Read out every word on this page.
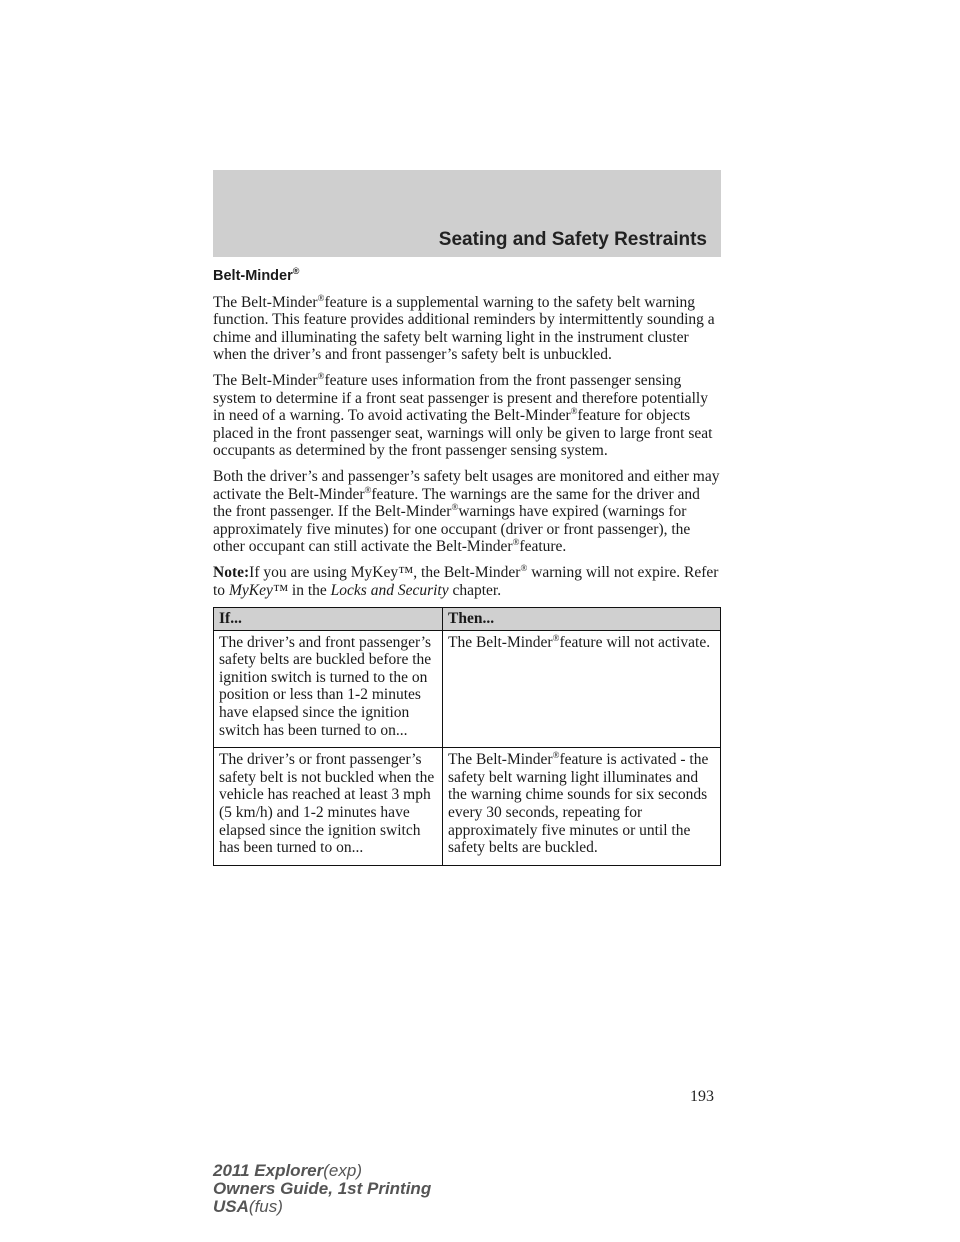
Seating and Safety Restraints
Belt-Minder®

The Belt-Minder®feature is a supplemental warning to the safety belt warning function. This feature provides additional reminders by intermittently sounding a chime and illuminating the safety belt warning light in the instrument cluster when the driver’s and front passenger’s safety belt is unbuckled.

The Belt-Minder®feature uses information from the front passenger sensing system to determine if a front seat passenger is present and therefore potentially in need of a warning. To avoid activating the Belt-Minder®feature for objects placed in the front passenger seat, warnings will only be given to large front seat occupants as determined by the front passenger sensing system.

Both the driver’s and passenger’s safety belt usages are monitored and either may activate the Belt-Minder®feature. The warnings are the same for the driver and the front passenger. If the Belt-Minder®warnings have expired (warnings for approximately five minutes) for one occupant (driver or front passenger), the other occupant can still activate the Belt-Minder®feature.

Note:If you are using MyKey™, the Belt-Minder® warning will not expire. Refer to MyKey™ in the Locks and Security chapter.

If...	Then...
The driver’s and front passenger’s safety belts are buckled before the ignition switch is turned to the on position or less than 1-2 minutes have elapsed since the ignition switch has been turned to on...	The Belt-Minder®feature will not activate.
The driver’s or front passenger’s safety belt is not buckled when the vehicle has reached at least 3 mph (5 km/h) and 1-2 minutes have elapsed since the ignition switch has been turned to on...	The Belt-Minder®feature is activated - the safety belt warning light illuminates and the warning chime sounds for six seconds every 30 seconds, repeating for approximately five minutes or until the safety belts are buckled.
193
2011 Explorer(exp)
Owners Guide, 1st Printing
USA(fus)
